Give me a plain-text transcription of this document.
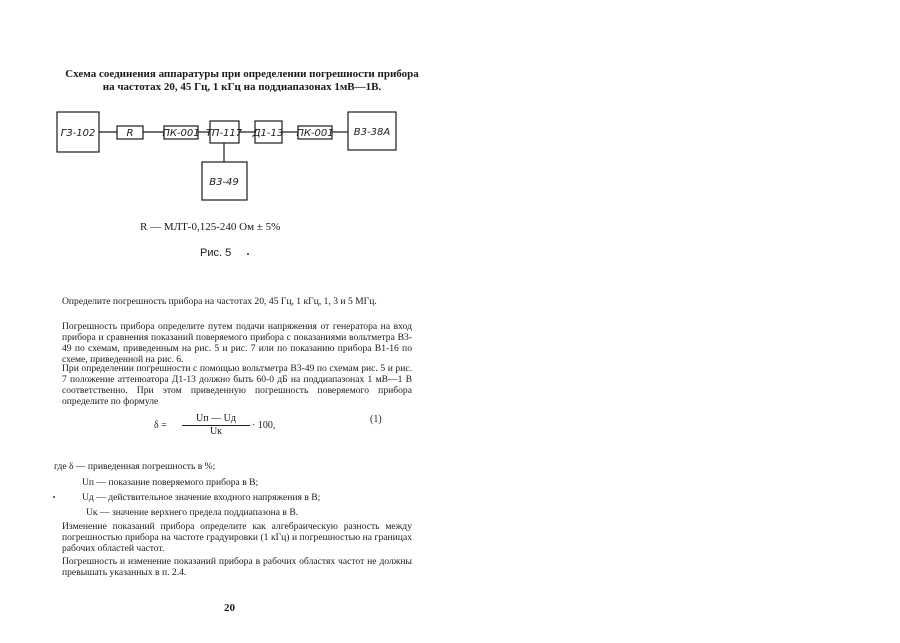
Схема соединения аппаратуры при определении погрешности прибора
на частотах 20, 45 Гц, 1 кГц на поддиапазонах 1мВ—1В.
ГЗ-102	R	ПК-001 ТП-117 Д1-13 ПК-001 В3-38А
В3-49
R — МЛТ-0,125-240 Ом ± 5%
Рис. 5
Определите погрешность прибора на частотах 20, 45 Гц, 1 кГц, 1, 3 и 5 МГц.
Погрешность прибора определите путем подачи напряжения от генератора на вход прибора и сравнения показаний поверяемого прибора с показаниями вольтметра В3-49 по схемам, приведенным на рис. 5 и рис. 7 или по показанию прибора В1-16 по схеме, приведенной на рис. 6.
При определении погрешности с помощью вольтметра В3-49 по схемам рис. 5 и рис. 7 положение аттенюатора Д1-13 должно быть 60-0 дБ на поддиапазонах 1 мВ—1 В соответственно. При этом приведенную погрешность поверяемого прибора определите по формуле
δ =
Uп — Uд
Uк
· 100,
(1)
где δ — приведенная погрешность в %;
Uп — показание поверяемого прибора в В;
Uд — действительное значение входного напряжения в В;
Uк — значение верхнего предела поддиапазона в В.
Изменение показаний прибора определите как алгебраическую разность между погрешностью прибора на частоте градуировки (1 кГц) и погрешностью на границах рабочих областей частот.
Погрешность и изменение показаний прибора в рабочих областях частот не должны превышать указанных в п. 2.4.
20
